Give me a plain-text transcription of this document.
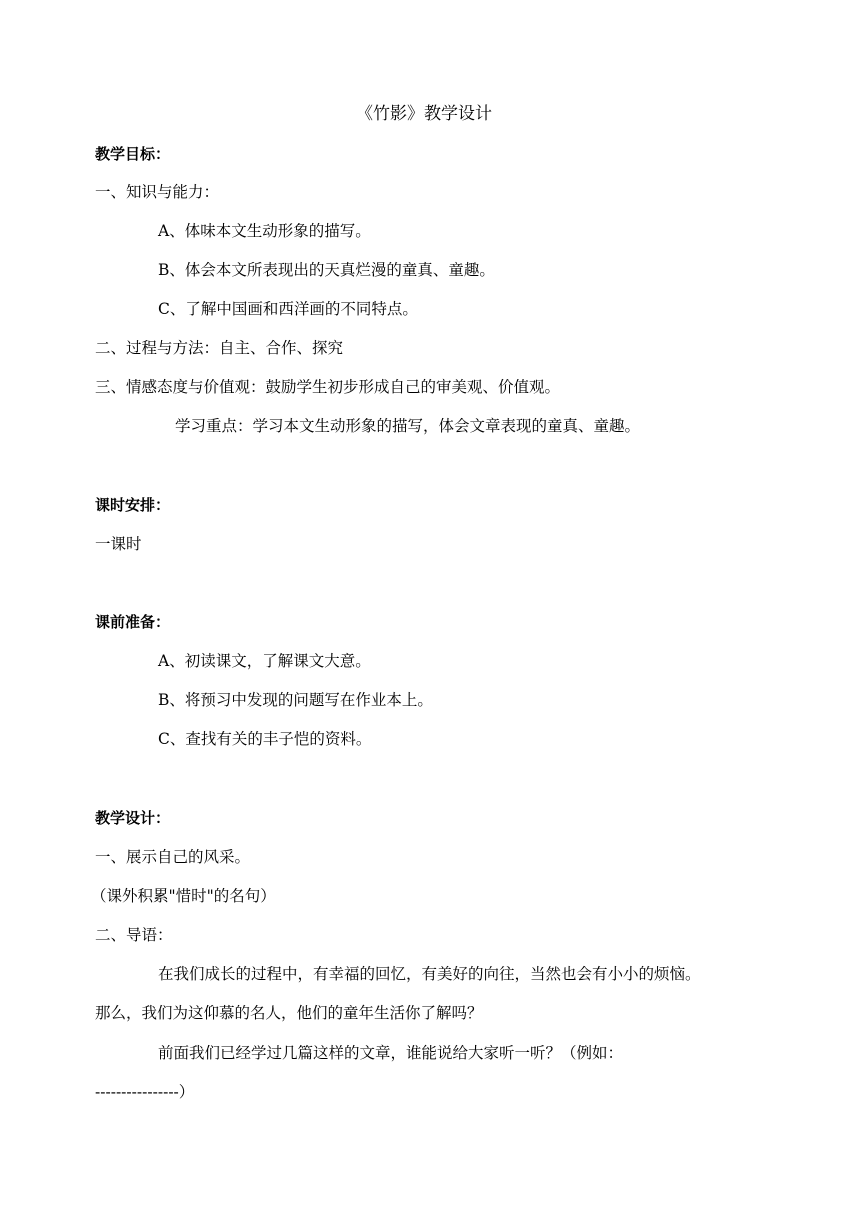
《竹影》教学设计
教学目标：
一、知识与能力：
A、体味本文生动形象的描写。
B、体会本文所表现出的天真烂漫的童真、童趣。
C、了解中国画和西洋画的不同特点。
二、过程与方法：自主、合作、探究
三、情感态度与价值观：鼓励学生初步形成自己的审美观、价值观。
学习重点：学习本文生动形象的描写，体会文章表现的童真、童趣。
课时安排：
一课时
课前准备：
A、初读课文，了解课文大意。
B、将预习中发现的问题写在作业本上。
C、查找有关的丰子恺的资料。
教学设计：
一、展示自己的风采。
（课外积累"惜时"的名句）
二、导语：
在我们成长的过程中，有幸福的回忆，有美好的向往，当然也会有小小的烦恼。
那么，我们为这仰慕的名人，他们的童年生活你了解吗？
前面我们已经学过几篇这样的文章，谁能说给大家听一听？（例如：
----------------）
